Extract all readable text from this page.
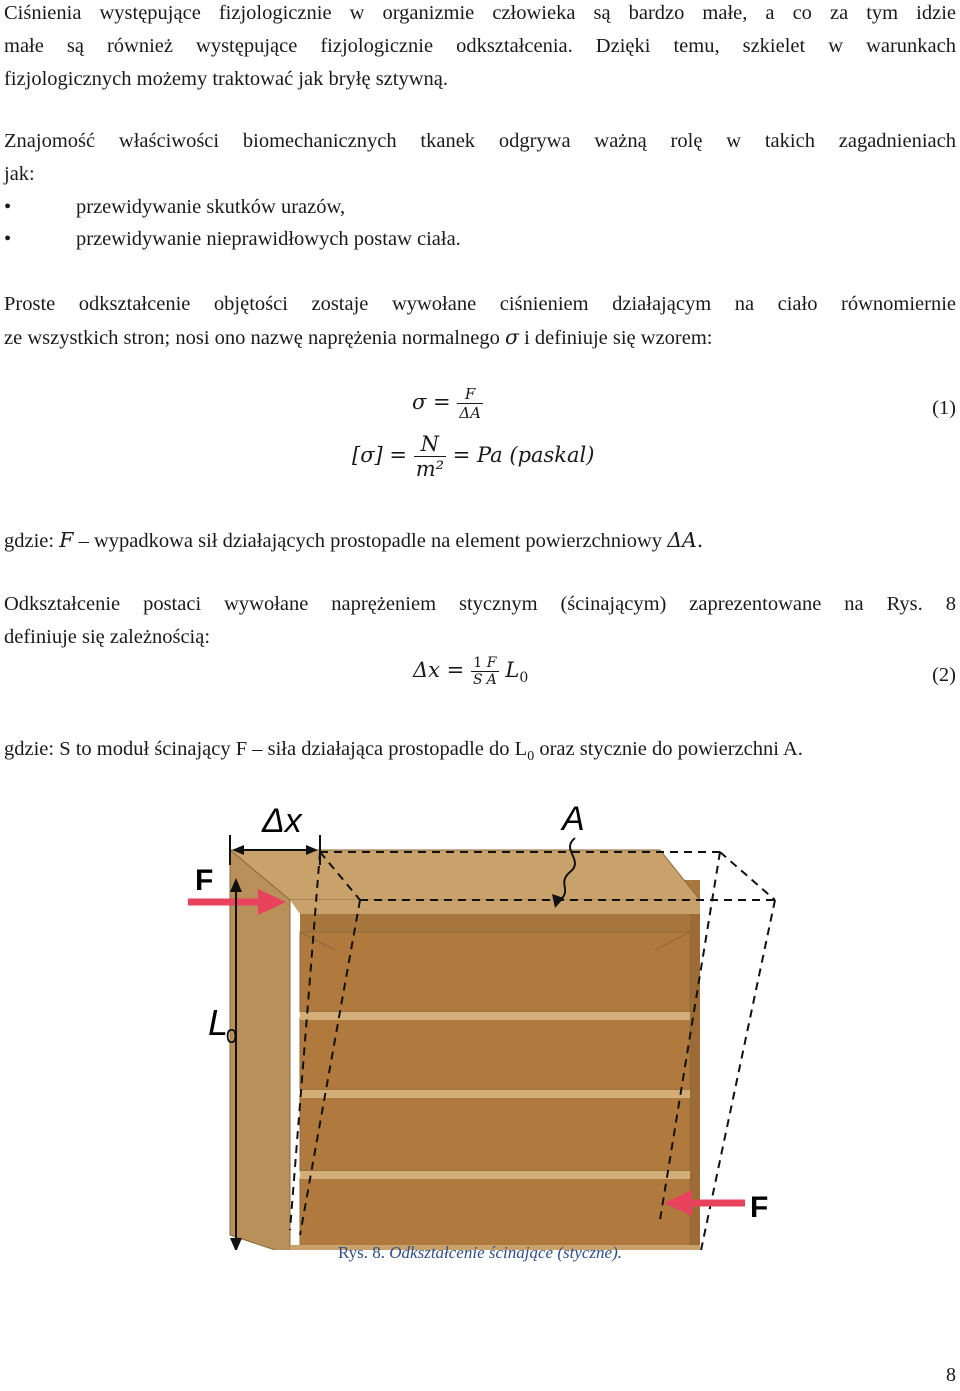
Ciśnienia występujące fizjologicznie w organizmie człowieka są bardzo małe, a co za tym idzie
małe są również występujące fizjologicznie odkształcenia. Dzięki temu, szkielet w warunkach
fizjologicznych możemy traktować jak bryłę sztywną.
Znajomość właściwości biomechanicznych tkanek odgrywa ważną rolę w takich zagadnieniach
jak:
•	przewidywanie skutków urazów,
•	przewidywanie nieprawidłowych postaw ciała.
Proste odkształcenie objętości zostaje wywołane ciśnieniem działającym na ciało równomiernie
ze wszystkich stron; nosi ono nazwę naprężenia normalnego σ i definiuje się wzorem:
$\sigma = \frac{F}{\Delta A}$	(1)
$[\sigma] = \frac{N}{\text{m²}} = Pa$ (paskal)
gdzie: F – wypadkowa sił działających prostopadle na element powierzchniowy ΔA.
Odkształcenie postaci wywołane naprężeniem stycznym (ścinającym) zaprezentowane na Rys. 8
definiuje się zależnością:
$\Delta x = \frac{1}{S} \frac{F}{A} L_0$	(2)
gdzie: S to moduł ścinający F – siła działająca prostopadle do $L_0$ oraz stycznie do powierzchni A.
Δx	A
F
F
L
0
Rys. 8. Odkształcenie ścinające (styczne).
8
